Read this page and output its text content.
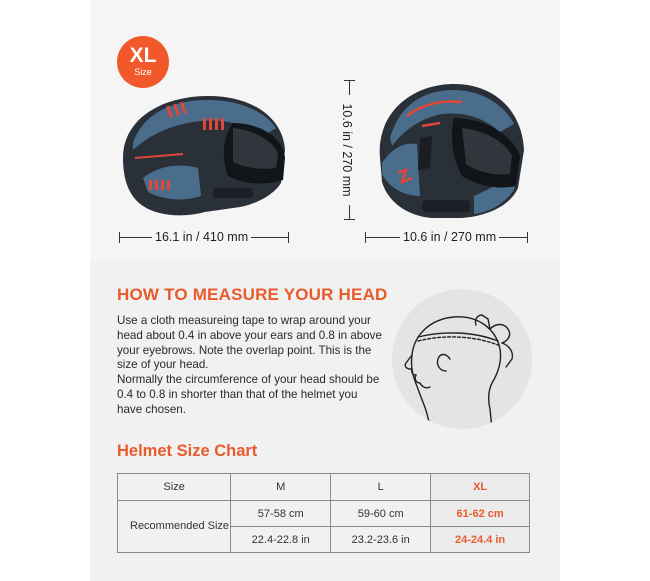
XL
Size
16.1 in / 410 mm
10.6 in / 270 mm
10.6 in / 270 mm
HOW TO MEASURE YOUR HEAD

Use a cloth measureing tape to wrap around your head about 0.4 in above your ears and 0.8 in above your eyebrows. Note the overlap point. This is the size of your head.

Normally the circumference of your head should be 0.4 to 0.8 in shorter than that of the helmet you have chosen.

Helmet Size Chart
Size	M	L	XL
Recommended Size	57-58 cm	59-60 cm	61-62 cm
	22.4-22.8 in	23.2-23.6 in	24-24.4 in
